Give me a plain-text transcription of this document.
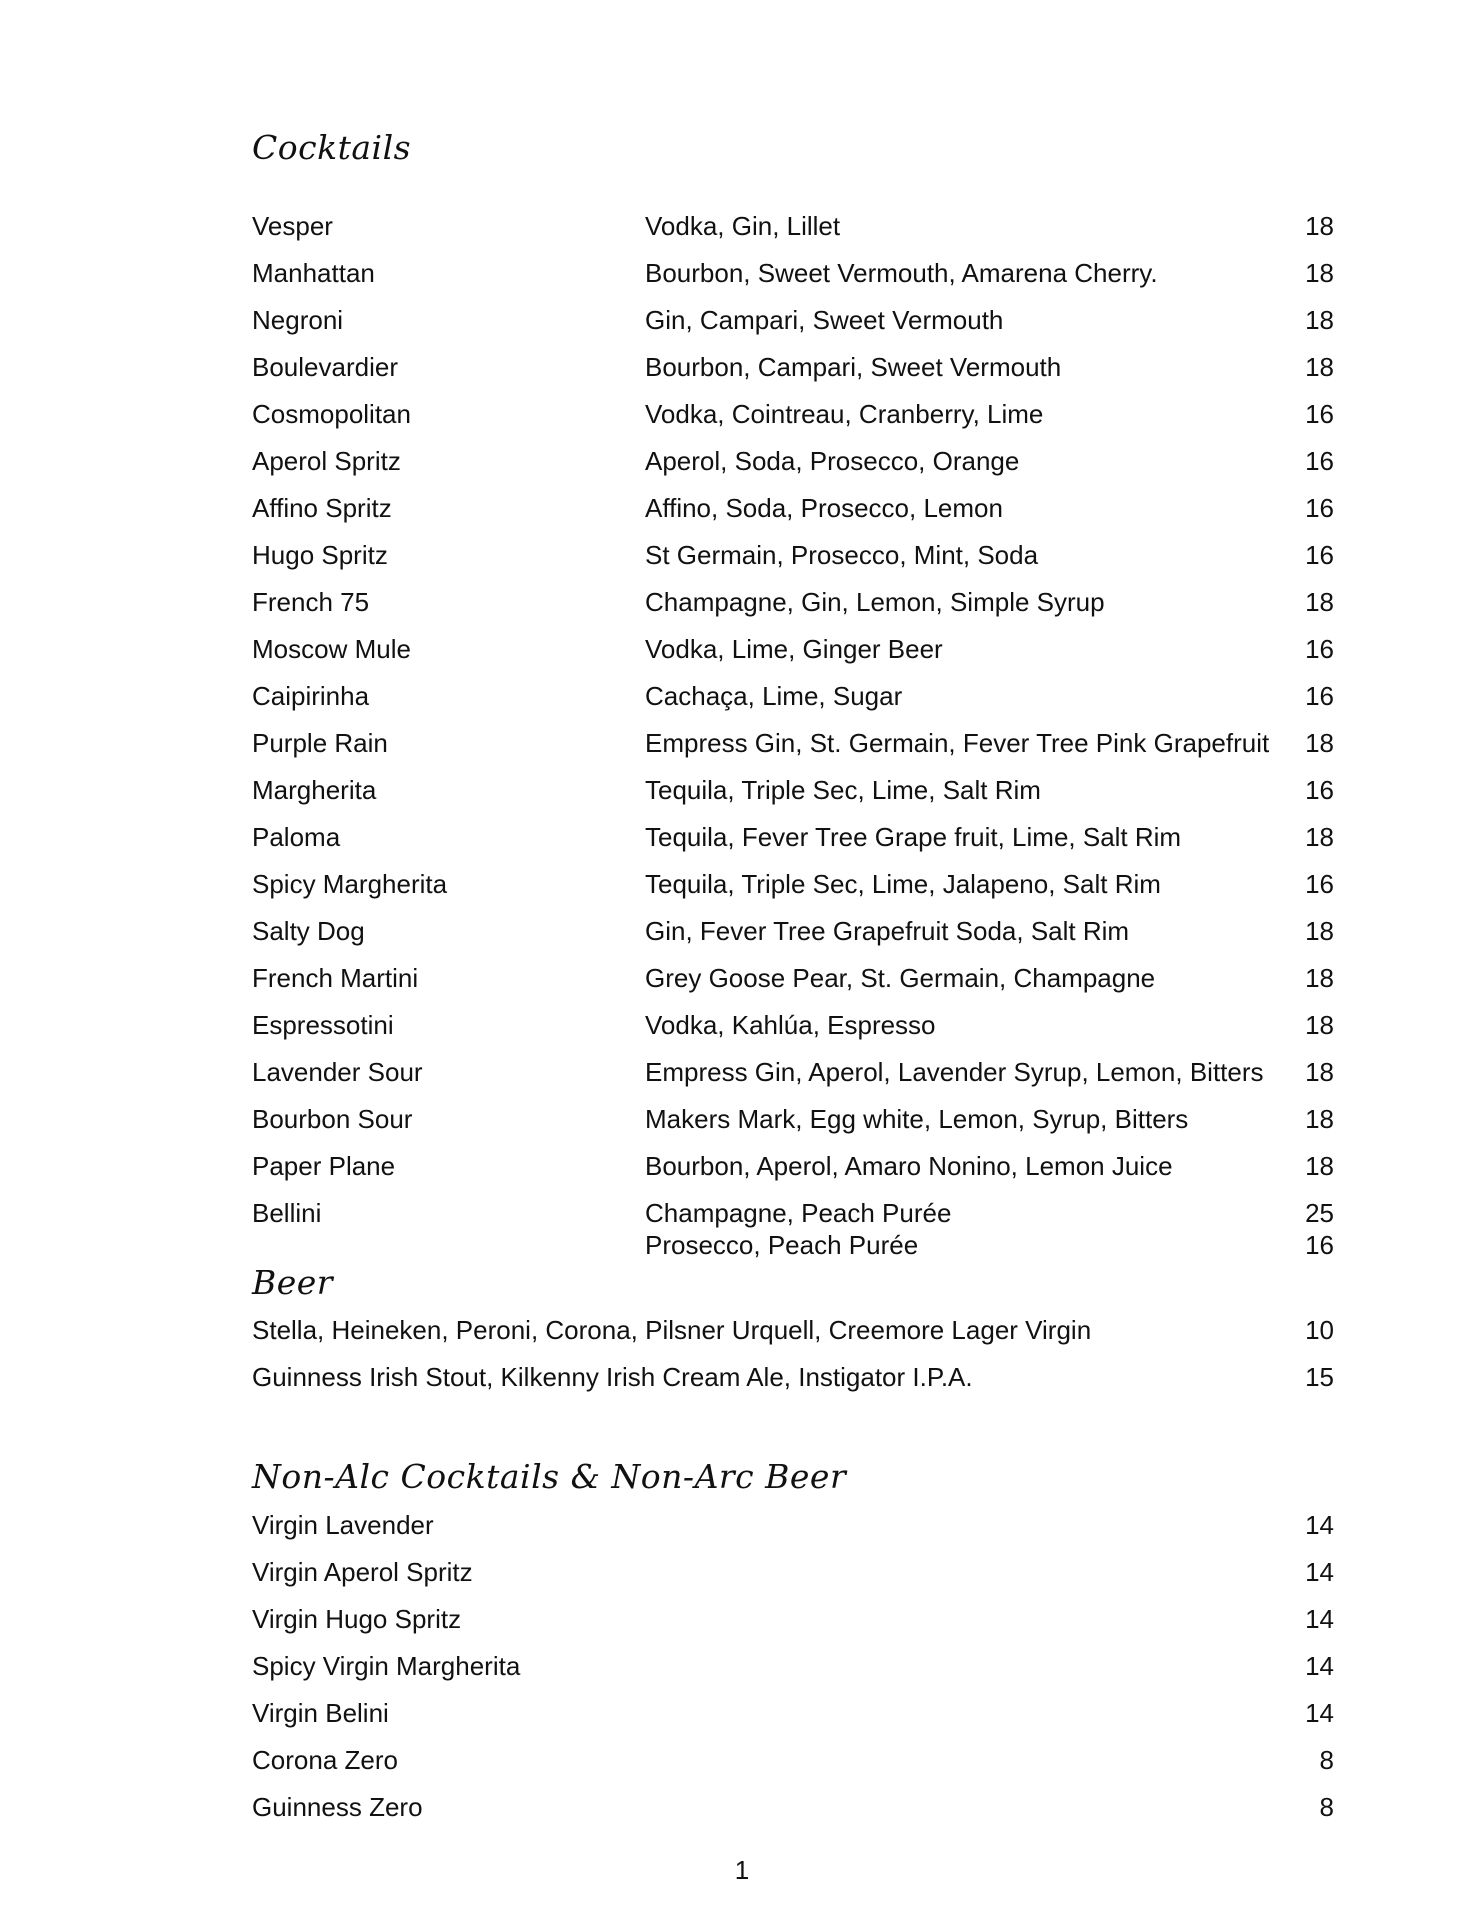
Cocktails
Vesper	Vodka, Gin, Lillet	18
Manhattan	Bourbon, Sweet Vermouth, Amarena Cherry.	18
Negroni	Gin, Campari, Sweet Vermouth	18
Boulevardier	Bourbon, Campari, Sweet Vermouth	18
Cosmopolitan	Vodka, Cointreau, Cranberry, Lime	16
Aperol Spritz	Aperol, Soda, Prosecco, Orange	16
Affino Spritz	Affino, Soda, Prosecco, Lemon	16
Hugo Spritz	St Germain, Prosecco, Mint, Soda	16
French 75	Champagne, Gin, Lemon, Simple Syrup	18
Moscow Mule	Vodka, Lime, Ginger Beer	16
Caipirinha	Cachaça, Lime, Sugar	16
Purple Rain	Empress Gin, St. Germain, Fever Tree Pink Grapefruit 18
Margherita	Tequila, Triple Sec, Lime, Salt Rim	16
Paloma	Tequila, Fever Tree Grape fruit, Lime, Salt Rim	18
Spicy Margherita	Tequila, Triple Sec, Lime, Jalapeno, Salt Rim	16
Salty Dog	Gin, Fever Tree Grapefruit Soda, Salt Rim	18
French Martini	Grey Goose Pear, St. Germain, Champagne	18
Espressotini	Vodka, Kahlúa, Espresso	18
Lavender Sour	Empress Gin, Aperol, Lavender Syrup, Lemon, Bitters 18
Bourbon Sour	Makers Mark, Egg white, Lemon, Syrup, Bitters	18
Paper Plane	Bourbon, Aperol, Amaro Nonino, Lemon Juice	18
Bellini	Champagne, Peach Purée	25
Prosecco, Peach Purée	16
Beer
Stella, Heineken, Peroni, Corona, Pilsner Urquell, Creemore Lager Virgin	10
Guinness Irish Stout, Kilkenny Irish Cream Ale, Instigator I.P.A.	15
Non-Alc Cocktails & Non-Arc Beer
Virgin Lavender	14
Virgin Aperol Spritz	14
Virgin Hugo Spritz	14
Spicy Virgin Margherita	14
Virgin Belini	14
Corona Zero	8
Guinness Zero	8
1
